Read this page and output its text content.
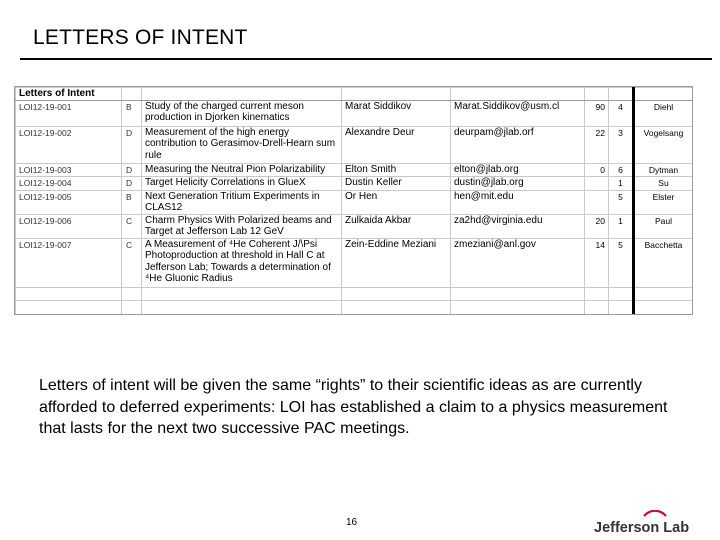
LETTERS OF INTENT
Letters of Intent							
LOI12-19-001	B	Study of the charged current meson production in Djorken kinematics	Marat Siddikov	Marat.Siddikov@usm.cl	90	4	Diehl
LOI12-19-002	D	Measurement of the high energy contribution to Gerasimov-Drell-Hearn sum rule	Alexandre Deur	deurpam@jlab.orf	22	3	Vogelsang
LOI12-19-003	D	Measuring the Neutral Pion Polarizability	Elton Smith	elton@jlab.org	0	6	Dytman
LOI12-19-004	D	Target Helicity Correlations in GlueX	Dustin Keller	dustin@jlab.org		1	Su
LOI12-19-005	B	Next Generation Tritium Experiments in CLAS12	Or Hen	hen@mit.edu		5	Elster
LOI12-19-006	C	Charm Physics With Polarized beams and Target at Jefferson Lab 12 GeV	Zulkaida Akbar	za2hd@virginia.edu	20	1	Paul
LOI12-19-007	C	A Measurement of ⁴He Coherent J/\Psi Photoproduction at threshold in Hall C at Jefferson Lab; Towards a determination of ⁴He Gluonic Radius	Zein-Eddine Meziani	zmeziani@anl.gov	14	5	Bacchetta

Letters of intent will be given the same “rights” to their scientific ideas as are currently afforded to deferred experiments: LOI has established a claim to a physics measurement that lasts for the next two successive PAC meetings.
16	Jefferson Lab
